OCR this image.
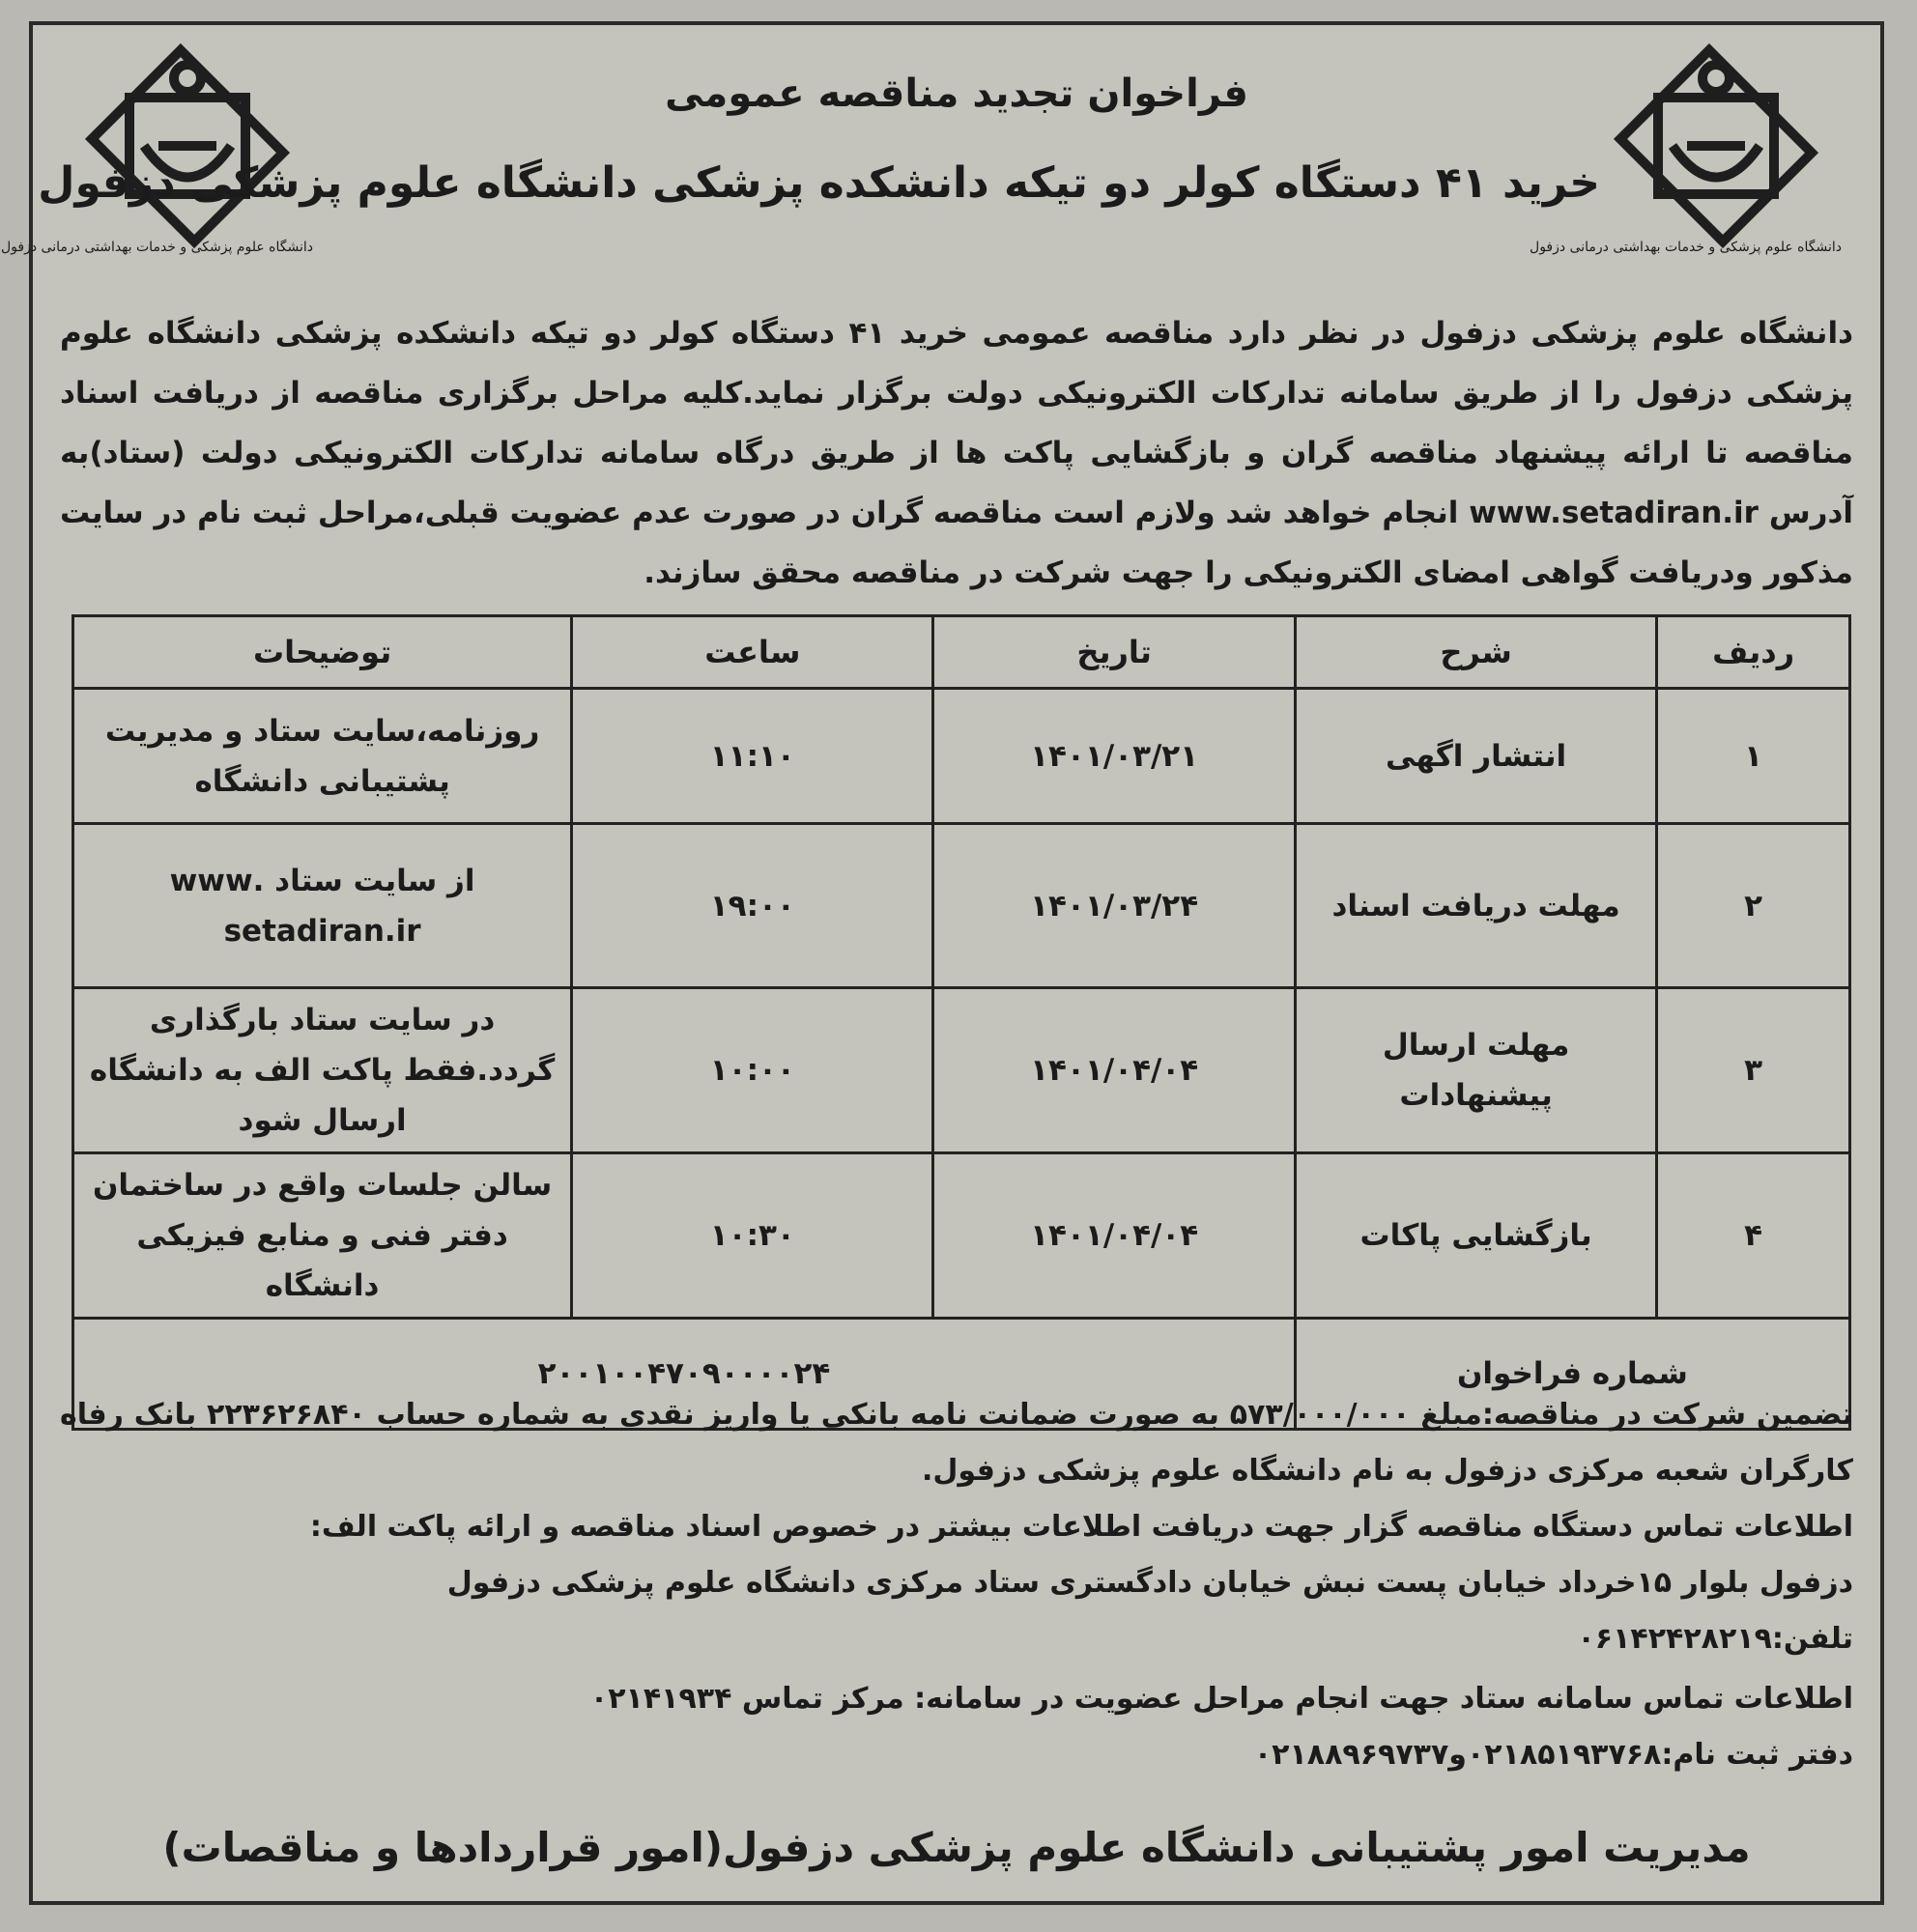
دانشگاه علوم پزشکی و خدمات بهداشتی درمانی دزفول
دانشگاه علوم پزشکی و خدمات بهداشتی درمانی دزفول
فراخوان تجدید مناقصه عمومی
خرید ۴۱ دستگاه کولر دو تیکه دانشکده پزشکی دانشگاه علوم پزشکی دزفول
دانشگاه علوم پزشکی دزفول در نظر دارد مناقصه عمومی خرید ۴۱ دستگاه کولر دو تیکه دانشکده پزشکی دانشگاه علوم پزشکی دزفول را از طریق سامانه تدارکات الکترونیکی دولت برگزار نماید.کلیه مراحل برگزاری مناقصه از دریافت اسناد مناقصه تا ارائه پیشنهاد مناقصه گران و بازگشایی پاکت ها از طریق درگاه سامانه تدارکات الکترونیکی دولت (ستاد)به آدرس www.setadiran.ir انجام خواهد شد ولازم است مناقصه گران در صورت عدم عضویت قبلی،مراحل ثبت نام در سایت مذکور ودریافت گواهی امضای الکترونیکی را جهت شرکت در مناقصه محقق سازند.
ردیف	شرح	تاریخ	ساعت	توضیحات
۱	انتشار اگهی	۱۴۰۱/۰۳/۲۱	۱۱:۱۰	روزنامه،سایت ستاد و مدیریت پشتیبانی دانشگاه
۲	مهلت دریافت اسناد	۱۴۰۱/۰۳/۲۴	۱۹:۰۰	از سایت ستاد .www setadiran.ir
۳	مهلت ارسال پیشنهادات	۱۴۰۱/۰۴/۰۴	۱۰:۰۰	در سایت ستاد بارگذاری گردد.فقط پاکت الف به دانشگاه ارسال شود
۴	بازگشایی پاکات	۱۴۰۱/۰۴/۰۴	۱۰:۳۰	سالن جلسات واقع در ساختمان دفتر فنی و منابع فیزیکی دانشگاه
شماره فراخوان		۲۰۰۱۰۰۴۷۰۹۰۰۰۰۲۴		

تضمین شرکت در مناقصه:مبلغ ۵۷۳/۰۰۰/۰۰۰ به صورت ضمانت نامه بانکی یا واریز نقدی به شماره حساب ۲۲۳۶۲۶۸۴۰ بانک رفاه کارگران شعبه مرکزی دزفول به نام دانشگاه علوم پزشکی دزفول.

اطلاعات تماس دستگاه مناقصه گزار جهت دریافت اطلاعات بیشتر در خصوص اسناد مناقصه و ارائه پاکت الف:

دزفول بلوار ۱۵خرداد خیابان پست نبش خیابان دادگستری ستاد مرکزی دانشگاه علوم پزشکی دزفول

تلفن:۰۶۱۴۲۴۲۸۲۱۹

اطلاعات تماس سامانه ستاد جهت انجام مراحل عضویت در سامانه: مرکز تماس ۰۲۱۴۱۹۳۴

دفتر ثبت نام:۰۲۱۸۵۱۹۳۷۶۸و۰۲۱۸۸۹۶۹۷۳۷

مدیریت امور پشتیبانی دانشگاه علوم پزشکی دزفول(امور قراردادها و مناقصات)
